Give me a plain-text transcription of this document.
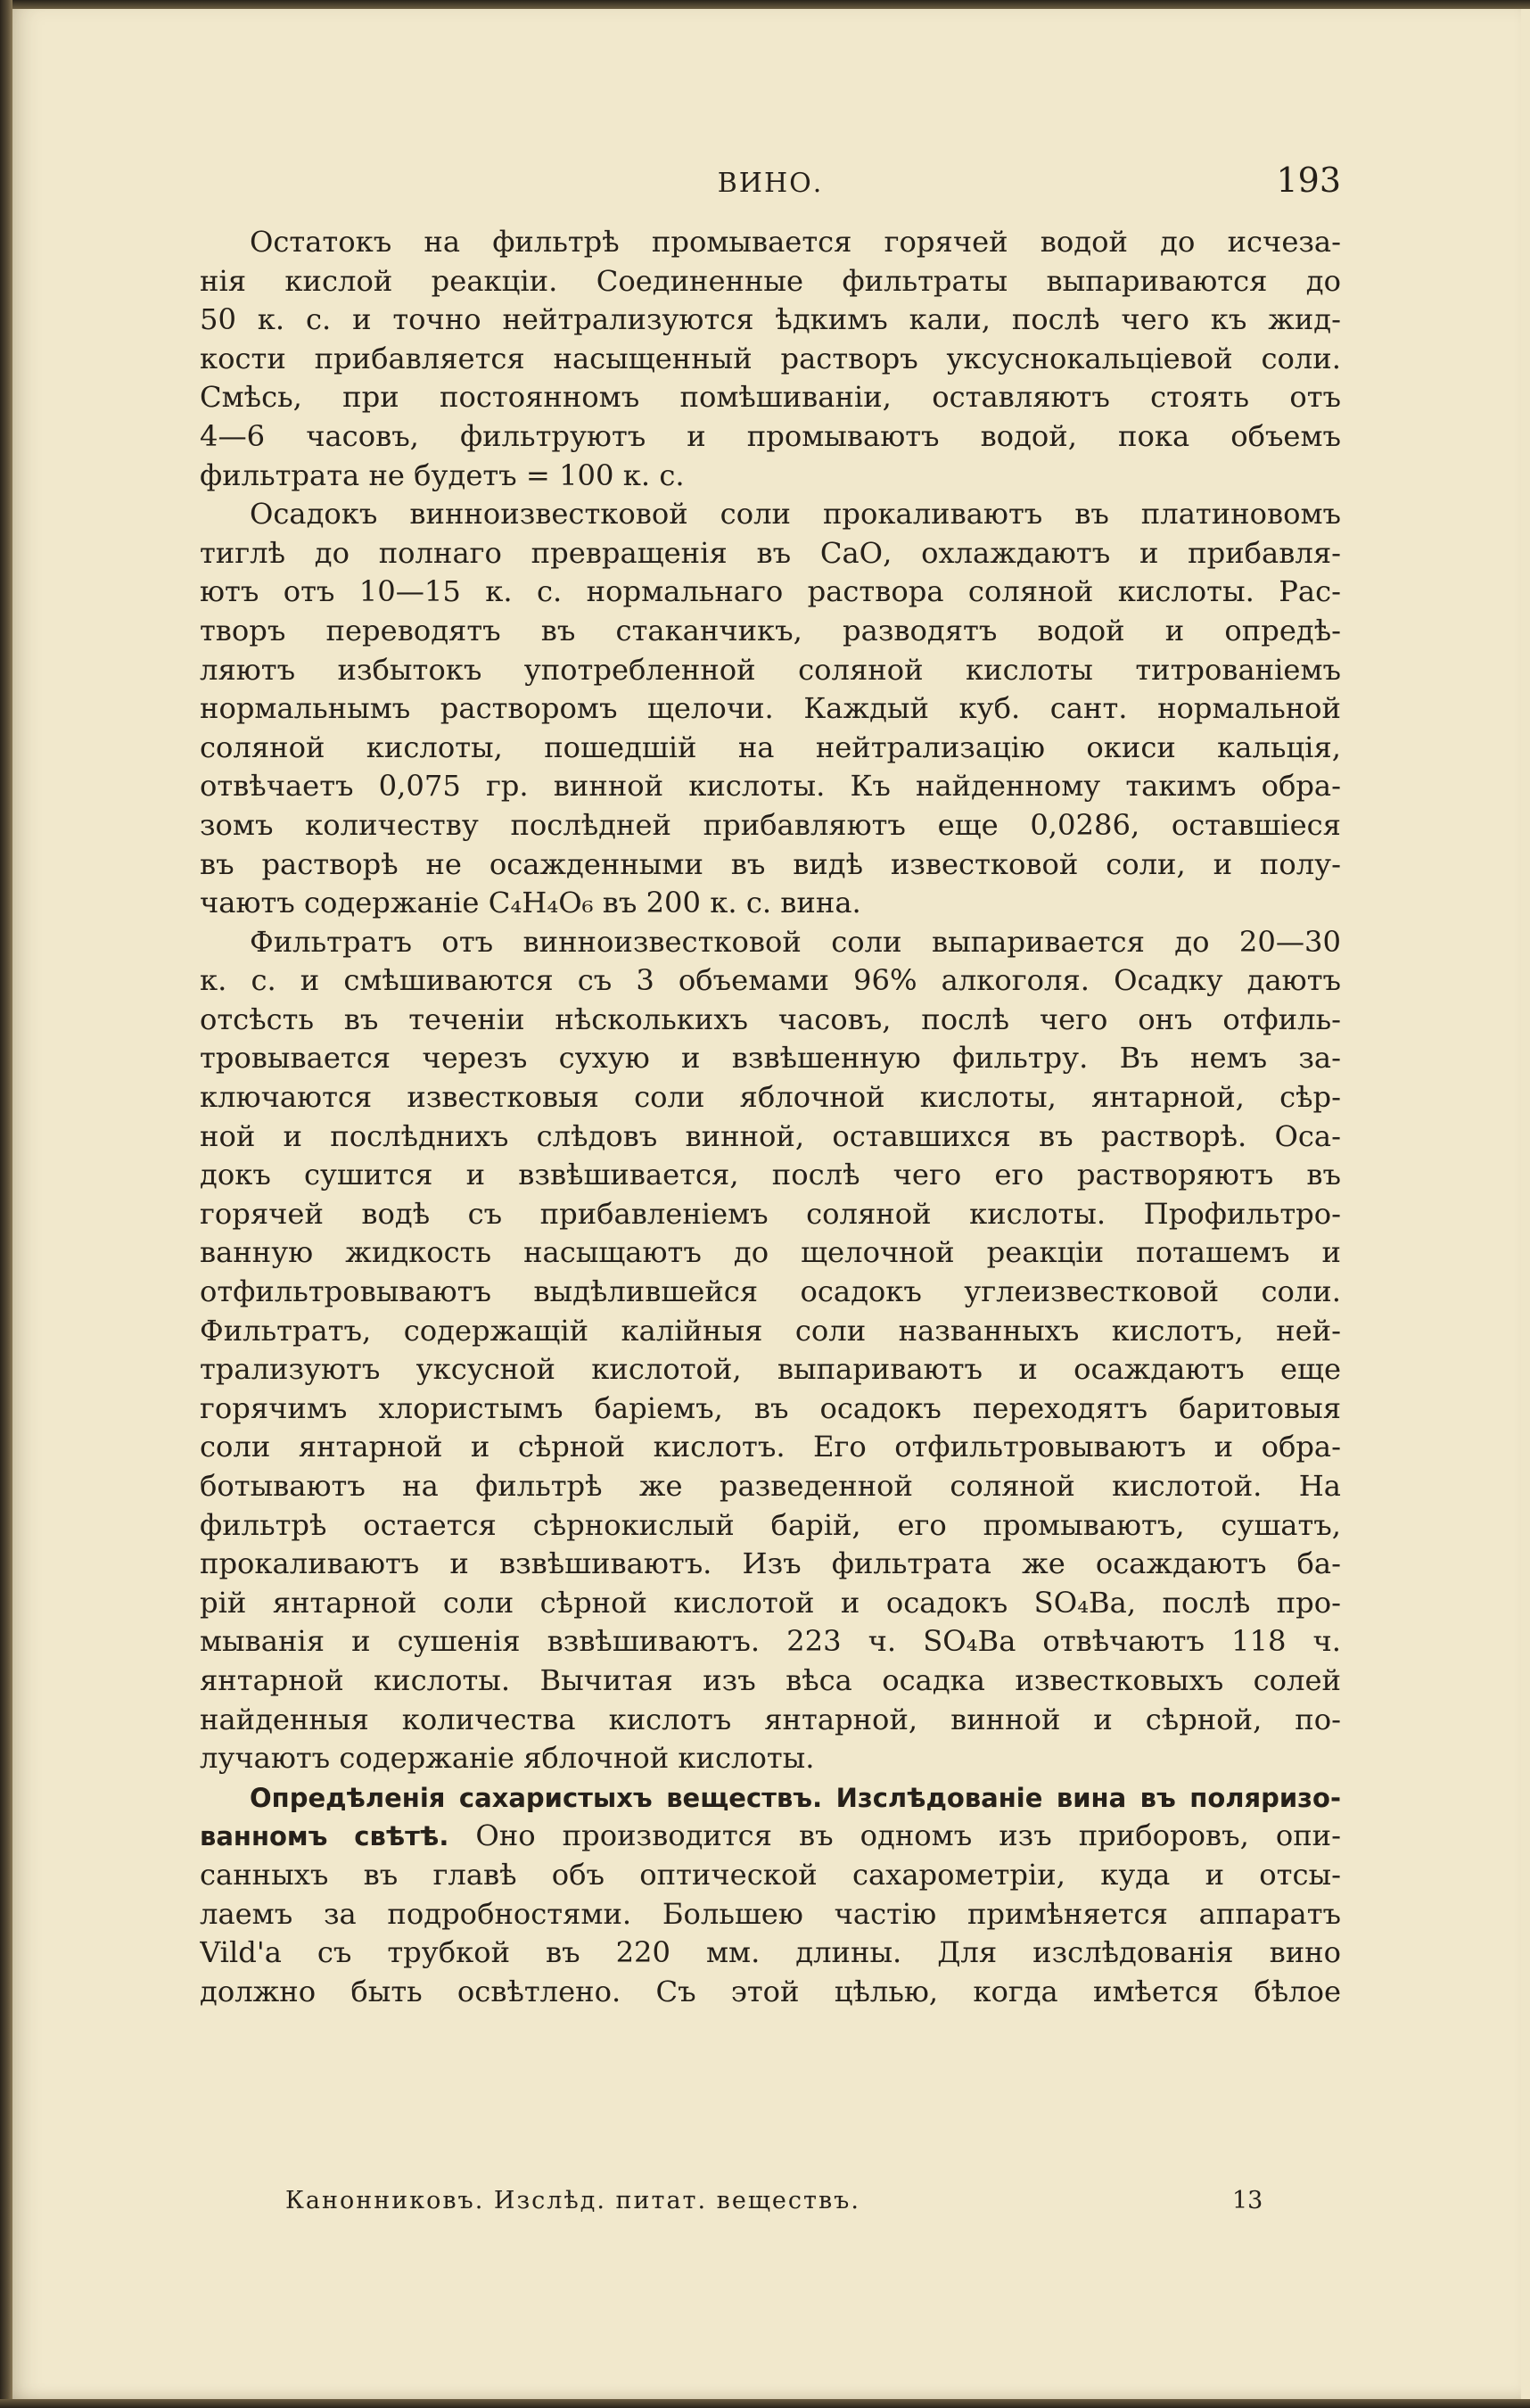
ВИНО.	193
Остатокъ на фильтрѣ промывается горячей водой до исчеза-
нія кислой реакціи. Соединенные фильтраты выпариваются до
50 к. с. и точно нейтрализуются ѣдкимъ кали, послѣ чего къ жид-
кости прибавляется насыщенный растворъ уксуснокальціевой соли.
Смѣсь, при постоянномъ помѣшиваніи, оставляютъ стоять отъ
4—6 часовъ, фильтруютъ и промываютъ водой, пока объемъ
фильтрата не будетъ = 100 к. с.
Осадокъ винноизвестковой соли прокаливаютъ въ платиновомъ
тиглѣ до полнаго превращенія въ СаО, охлаждаютъ и прибавля-
ютъ отъ 10—15 к. с. нормальнаго раствора соляной кислоты. Рас-
творъ переводятъ въ стаканчикъ, разводятъ водой и опредѣ-
ляютъ избытокъ употребленной соляной кислоты титрованіемъ
нормальнымъ растворомъ щелочи. Каждый куб. сант. нормальной
соляной кислоты, пошедшій на нейтрализацію окиси кальція,
отвѣчаетъ 0,075 гр. винной кислоты. Къ найденному такимъ обра-
зомъ количеству послѣдней прибавляютъ еще 0,0286, оставшіеся
въ растворѣ не осажденными въ видѣ известковой соли, и полу-
чаютъ содержаніе С₄Н₄О₆ въ 200 к. с. вина.
Фильтратъ отъ винноизвестковой соли выпаривается до 20—30
к. с. и смѣшиваются съ 3 объемами 96% алкоголя. Осадку даютъ
отсѣсть въ теченіи нѣсколькихъ часовъ, послѣ чего онъ отфиль-
тровывается черезъ сухую и взвѣшенную фильтру. Въ немъ за-
ключаются известковыя соли яблочной кислоты, янтарной, сѣр-
ной и послѣднихъ слѣдовъ винной, оставшихся въ растворѣ. Оса-
докъ сушится и взвѣшивается, послѣ чего его растворяютъ въ
горячей водѣ съ прибавленіемъ соляной кислоты. Профильтро-
ванную жидкость насыщаютъ до щелочной реакціи поташемъ и
отфильтровываютъ выдѣлившейся осадокъ углеизвестковой соли.
Фильтратъ, содержащій калійныя соли названныхъ кислотъ, ней-
трализуютъ уксусной кислотой, выпариваютъ и осаждаютъ еще
горячимъ хлористымъ баріемъ, въ осадокъ переходятъ баритовыя
соли янтарной и сѣрной кислотъ. Его отфильтровываютъ и обра-
ботываютъ на фильтрѣ же разведенной соляной кислотой. На
фильтрѣ остается сѣрнокислый барій, его промываютъ, сушатъ,
прокаливаютъ и взвѣшиваютъ. Изъ фильтрата же осаждаютъ ба-
рій янтарной соли сѣрной кислотой и осадокъ SO₄Ba, послѣ про-
мыванія и сушенія взвѣшиваютъ. 223 ч. SO₄Ba отвѣчаютъ 118 ч.
янтарной кислоты. Вычитая изъ вѣса осадка известковыхъ солей
найденныя количества кислотъ янтарной, винной и сѣрной, по-
лучаютъ содержаніе яблочной кислоты.
Опредѣленія сахаристыхъ веществъ. Изслѣдованіе вина въ поляризо-
ванномъ свѣтѣ. Оно производится въ одномъ изъ приборовъ, опи-
санныхъ въ главѣ объ оптической сахарометріи, куда и отсы-
лаемъ за подробностями. Большею частію примѣняется аппаратъ
Vild'а съ трубкой въ 220 мм. длины. Для изслѣдованія вино
должно быть освѣтлено. Съ этой цѣлью, когда имѣется бѣлое
Канонниковъ. Изслѣд. питат. веществъ.	13
